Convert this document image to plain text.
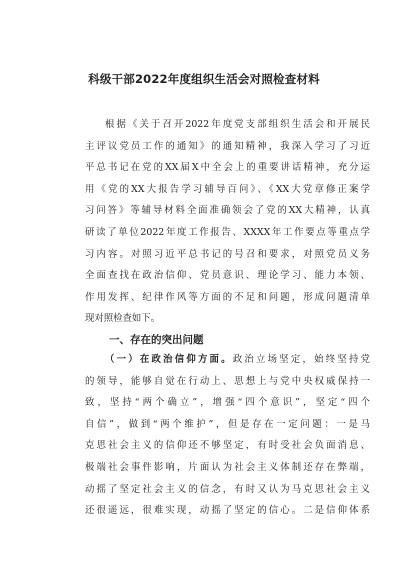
科级干部2022年度组织生活会对照检查材料
根据《关于召开2022年度党支部组织生活会和开展民
主评议党员工作的通知》的通知精神，我深入学习了习近
平总书记在党的XX届X中全会上的重要讲话精神，充分运
用《党的XX大报告学习辅导百问》、《XX大党章修正案学
习问答》等辅导材料全面准确领会了党的XX大精神，认真
研读了单位2022年度工作报告、XXXX年工作要点等重点学
习内容。对照习近平总书记的号召和要求，对照党员义务
全面查找在政治信仰、党员意识、理论学习、能力本领、
作用发挥、纪律作风等方面的不足和问题，形成问题清单
现对照检查如下。
一、存在的突出问题
（一）在政治信仰方面。政治立场坚定，始终坚持党
的领导，能够自觉在行动上、思想上与党中央权威保持一
致，坚持“两个确立”，增强“四个意识”，坚定“四个
自信”，做到“两个维护”，但是存在一定问题：一是马
克思社会主义的信仰还不够坚定，有时受社会负面消息、
极端社会事件影响，片面认为社会主义体制还存在弊端，
动摇了坚定社会主义的信念，有时又认为马克思社会主义
还很遥远，很难实现，动摇了坚定的信心。二是信仰体系
